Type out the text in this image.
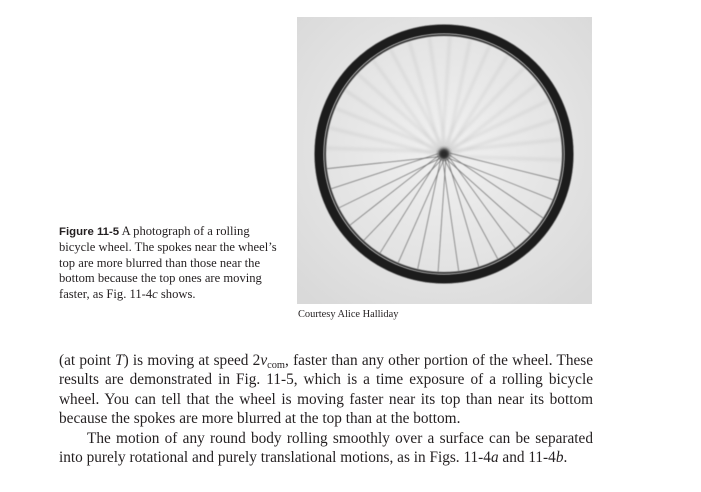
Figure 11-5 A photograph of a rolling bicycle wheel. The spokes near the wheel’s top are more blurred than those near the bottom because the top ones are moving faster, as Fig. 11-4c shows.
Courtesy Alice Halliday

(at point T) is moving at speed $2v_{com}$, faster than any other portion of the wheel. These results are demonstrated in Fig. 11-5, which is a time exposure of a rolling bicycle wheel. You can tell that the wheel is moving faster near its top than near its bottom because the spokes are more blurred at the top than at the bottom.

The motion of any round body rolling smoothly over a surface can be separated into purely rotational and purely translational motions, as in Figs. 11-4a and 11-4b.
